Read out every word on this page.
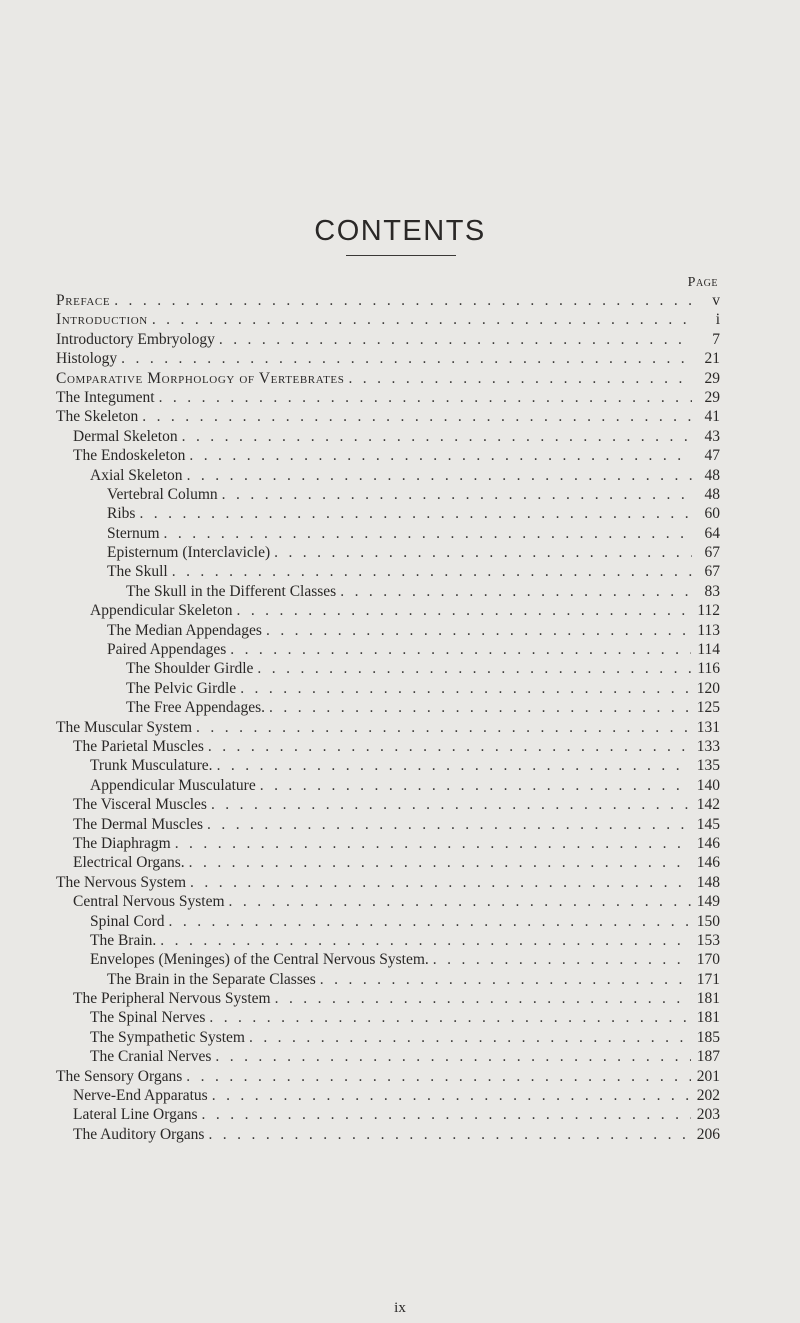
CONTENTS
Page
Preface . . .	v
Introduction . . .	i
Introductory Embryology . . .	7
Histology . . .	21
Comparative Morphology of Vertebrates . . .	29
The Integument . . .	29
The Skeleton . . .	41
Dermal Skeleton . . .	43
The Endoskeleton . . .	47
Axial Skeleton . . .	48
Vertebral Column . . .	48
Ribs . . .	60
Sternum . . .	64
Episternum (Interclavicle) . . .	67
The Skull . . .	67
The Skull in the Different Classes . . .	83
Appendicular Skeleton . . .	112
The Median Appendages . . .	113
Paired Appendages . . .	114
The Shoulder Girdle . . .	116
The Pelvic Girdle . . .	120
The Free Appendages. . . .	125
The Muscular System . . .	131
The Parietal Muscles . . .	133
Trunk Musculature. . . .	135
Appendicular Musculature . . .	140
The Visceral Muscles . . .	142
The Dermal Muscles . . .	145
The Diaphragm . . .	146
Electrical Organs. . . .	146
The Nervous System . . .	148
Central Nervous System . . .	149
Spinal Cord . . .	150
The Brain. . . .	153
Envelopes (Meninges) of the Central Nervous System. . . .	170
The Brain in the Separate Classes . . .	171
The Peripheral Nervous System . . .	181
The Spinal Nerves . . .	181
The Sympathetic System . . .	185
The Cranial Nerves . . .	187
The Sensory Organs . . .	201
Nerve-End Apparatus . . .	202
Lateral Line Organs . . .	203
The Auditory Organs . . .	206
ix
